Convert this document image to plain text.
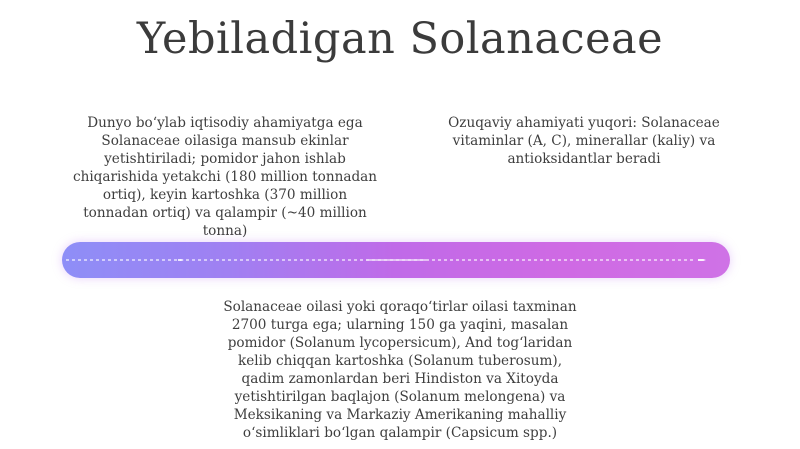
Yebiladigan Solanaceae
Dunyo bo‘ylab iqtisodiy ahamiyatga ega Solanaceae oilasiga mansub ekinlar yetishtiriladi; pomidor jahon ishlab chiqarishida yetakchi (180 million tonnadan ortiq), keyin kartoshka (370 million tonnadan ortiq) va qalampir (~40 million tonna)
Ozuqaviy ahamiyati yuqori: Solanaceae vitaminlar (A, C), minerallar (kaliy) va antioksidantlar beradi
Solanaceae oilasi yoki qoraqo‘tirlar oilasi taxminan 2700 turga ega; ularning 150 ga yaqini, masalan pomidor (Solanum lycopersicum), And tog‘laridan kelib chiqqan kartoshka (Solanum tuberosum), qadim zamonlardan beri Hindiston va Xitoyda yetishtirilgan baqlajon (Solanum melongena) va Meksikaning va Markaziy Amerikaning mahalliy o‘simliklari bo‘lgan qalampir (Capsicum spp.)
